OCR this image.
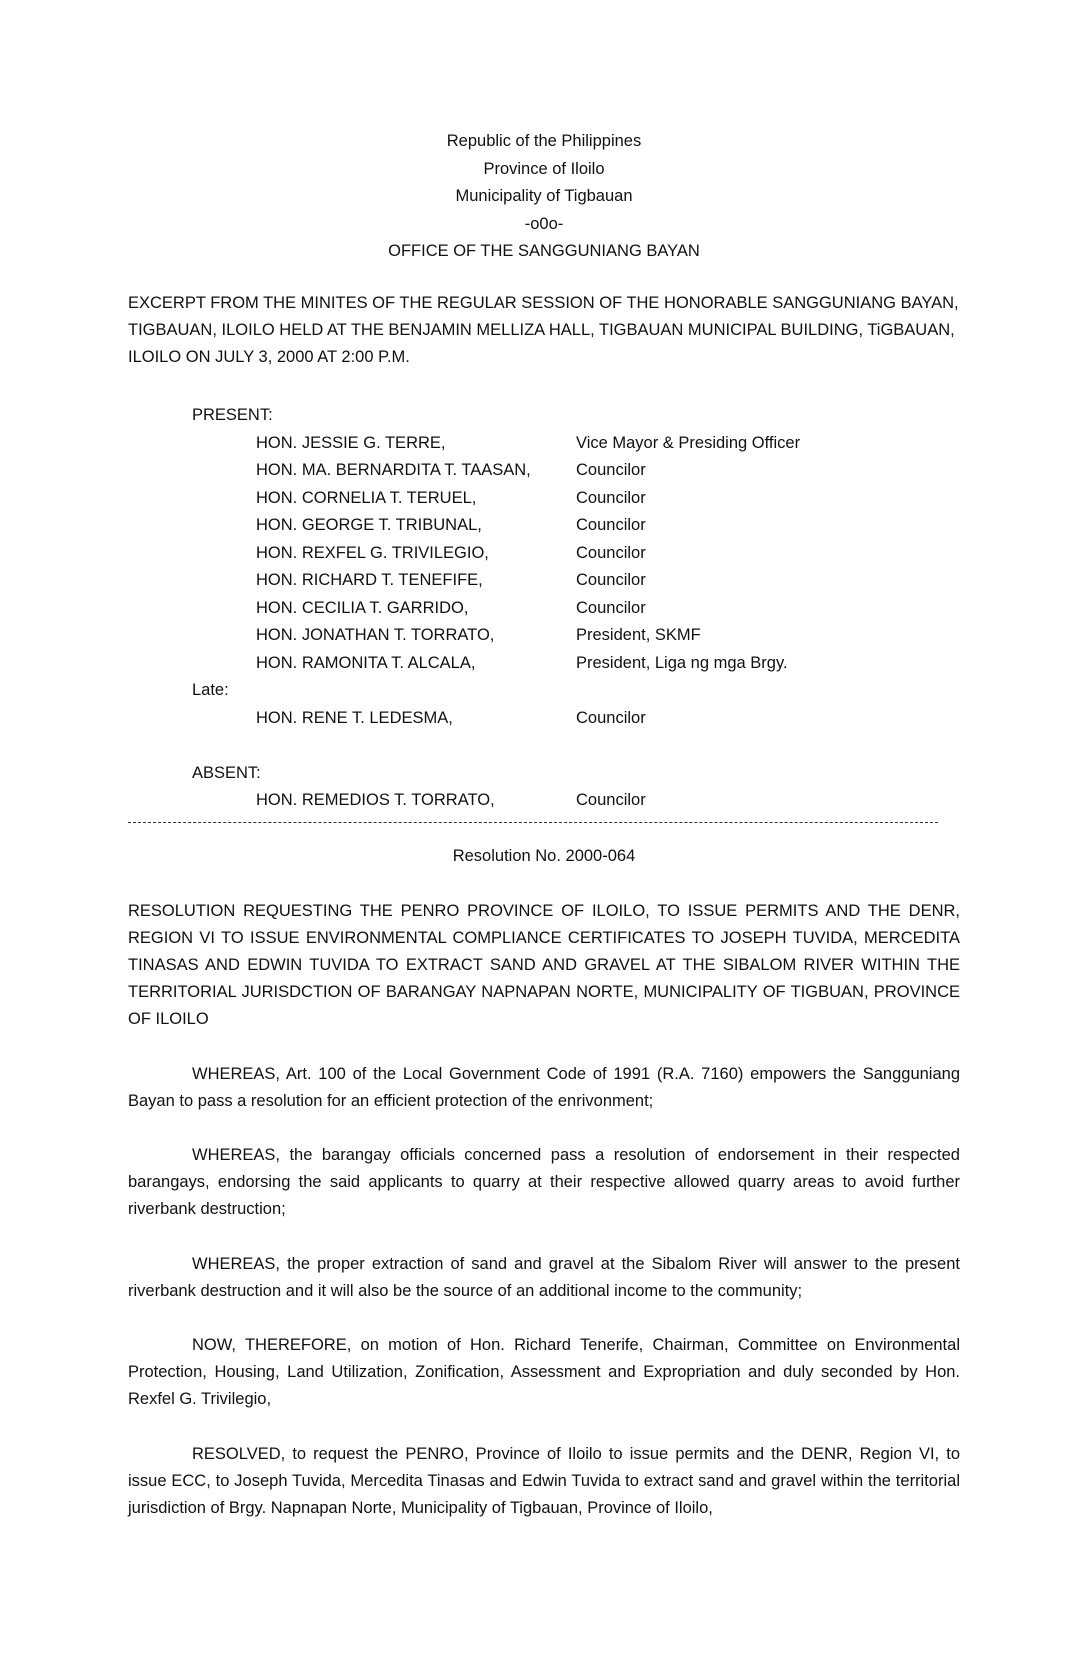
Republic of the Philippines
Province of Iloilo
Municipality of Tigbauan
-o0o-
OFFICE OF THE SANGGUNIANG BAYAN
EXCERPT FROM THE MINITES OF THE REGULAR SESSION OF THE HONORABLE SANGGUNIANG BAYAN, TIGBAUAN, ILOILO HELD AT THE BENJAMIN MELLIZA HALL, TIGBAUAN MUNICIPAL BUILDING, TiGBAUAN, ILOILO ON JULY 3, 2000 AT 2:00 P.M.
PRESENT:
HON. JESSIE G. TERRE,	Vice Mayor & Presiding Officer
HON. MA. BERNARDITA T. TAASAN,	Councilor
HON. CORNELIA T. TERUEL,	Councilor
HON. GEORGE T. TRIBUNAL,	Councilor
HON. REXFEL G. TRIVILEGIO,	Councilor
HON. RICHARD T. TENEFIFE,	Councilor
HON. CECILIA T. GARRIDO,	Councilor
HON. JONATHAN T. TORRATO,	President, SKMF
HON. RAMONITA T. ALCALA,	President, Liga ng mga Brgy.
Late:
HON. RENE T. LEDESMA,	Councilor
ABSENT:
HON. REMEDIOS T. TORRATO,	Councilor
Resolution No. 2000-064

RESOLUTION REQUESTING THE PENRO PROVINCE OF ILOILO, TO ISSUE PERMITS AND THE DENR, REGION VI TO ISSUE ENVIRONMENTAL COMPLIANCE CERTIFICATES TO JOSEPH TUVIDA, MERCEDITA TINASAS AND EDWIN TUVIDA TO EXTRACT SAND AND GRAVEL AT THE SIBALOM RIVER WITHIN THE TERRITORIAL JURISDCTION OF BARANGAY NAPNAPAN NORTE, MUNICIPALITY OF TIGBUAN, PROVINCE OF ILOILO

WHEREAS, Art. 100 of the Local Government Code of 1991 (R.A. 7160) empowers the Sangguniang Bayan to pass a resolution for an efficient protection of the enrivonment;

WHEREAS, the barangay officials concerned pass a resolution of endorsement in their respected barangays, endorsing the said applicants to quarry at their respective allowed quarry areas to avoid further riverbank destruction;

WHEREAS, the proper extraction of sand and gravel at the Sibalom River will answer to the present riverbank destruction and it will also be the source of an additional income to the community;

NOW, THEREFORE, on motion of Hon. Richard Tenerife, Chairman, Committee on Environmental Protection, Housing, Land Utilization, Zonification, Assessment and Expropriation and duly seconded by Hon. Rexfel G. Trivilegio,

RESOLVED, to request the PENRO, Province of Iloilo to issue permits and the DENR, Region VI, to issue ECC, to Joseph Tuvida, Mercedita Tinasas and Edwin Tuvida to extract sand and gravel within the territorial jurisdiction of Brgy. Napnapan Norte, Municipality of Tigbauan, Province of Iloilo,
